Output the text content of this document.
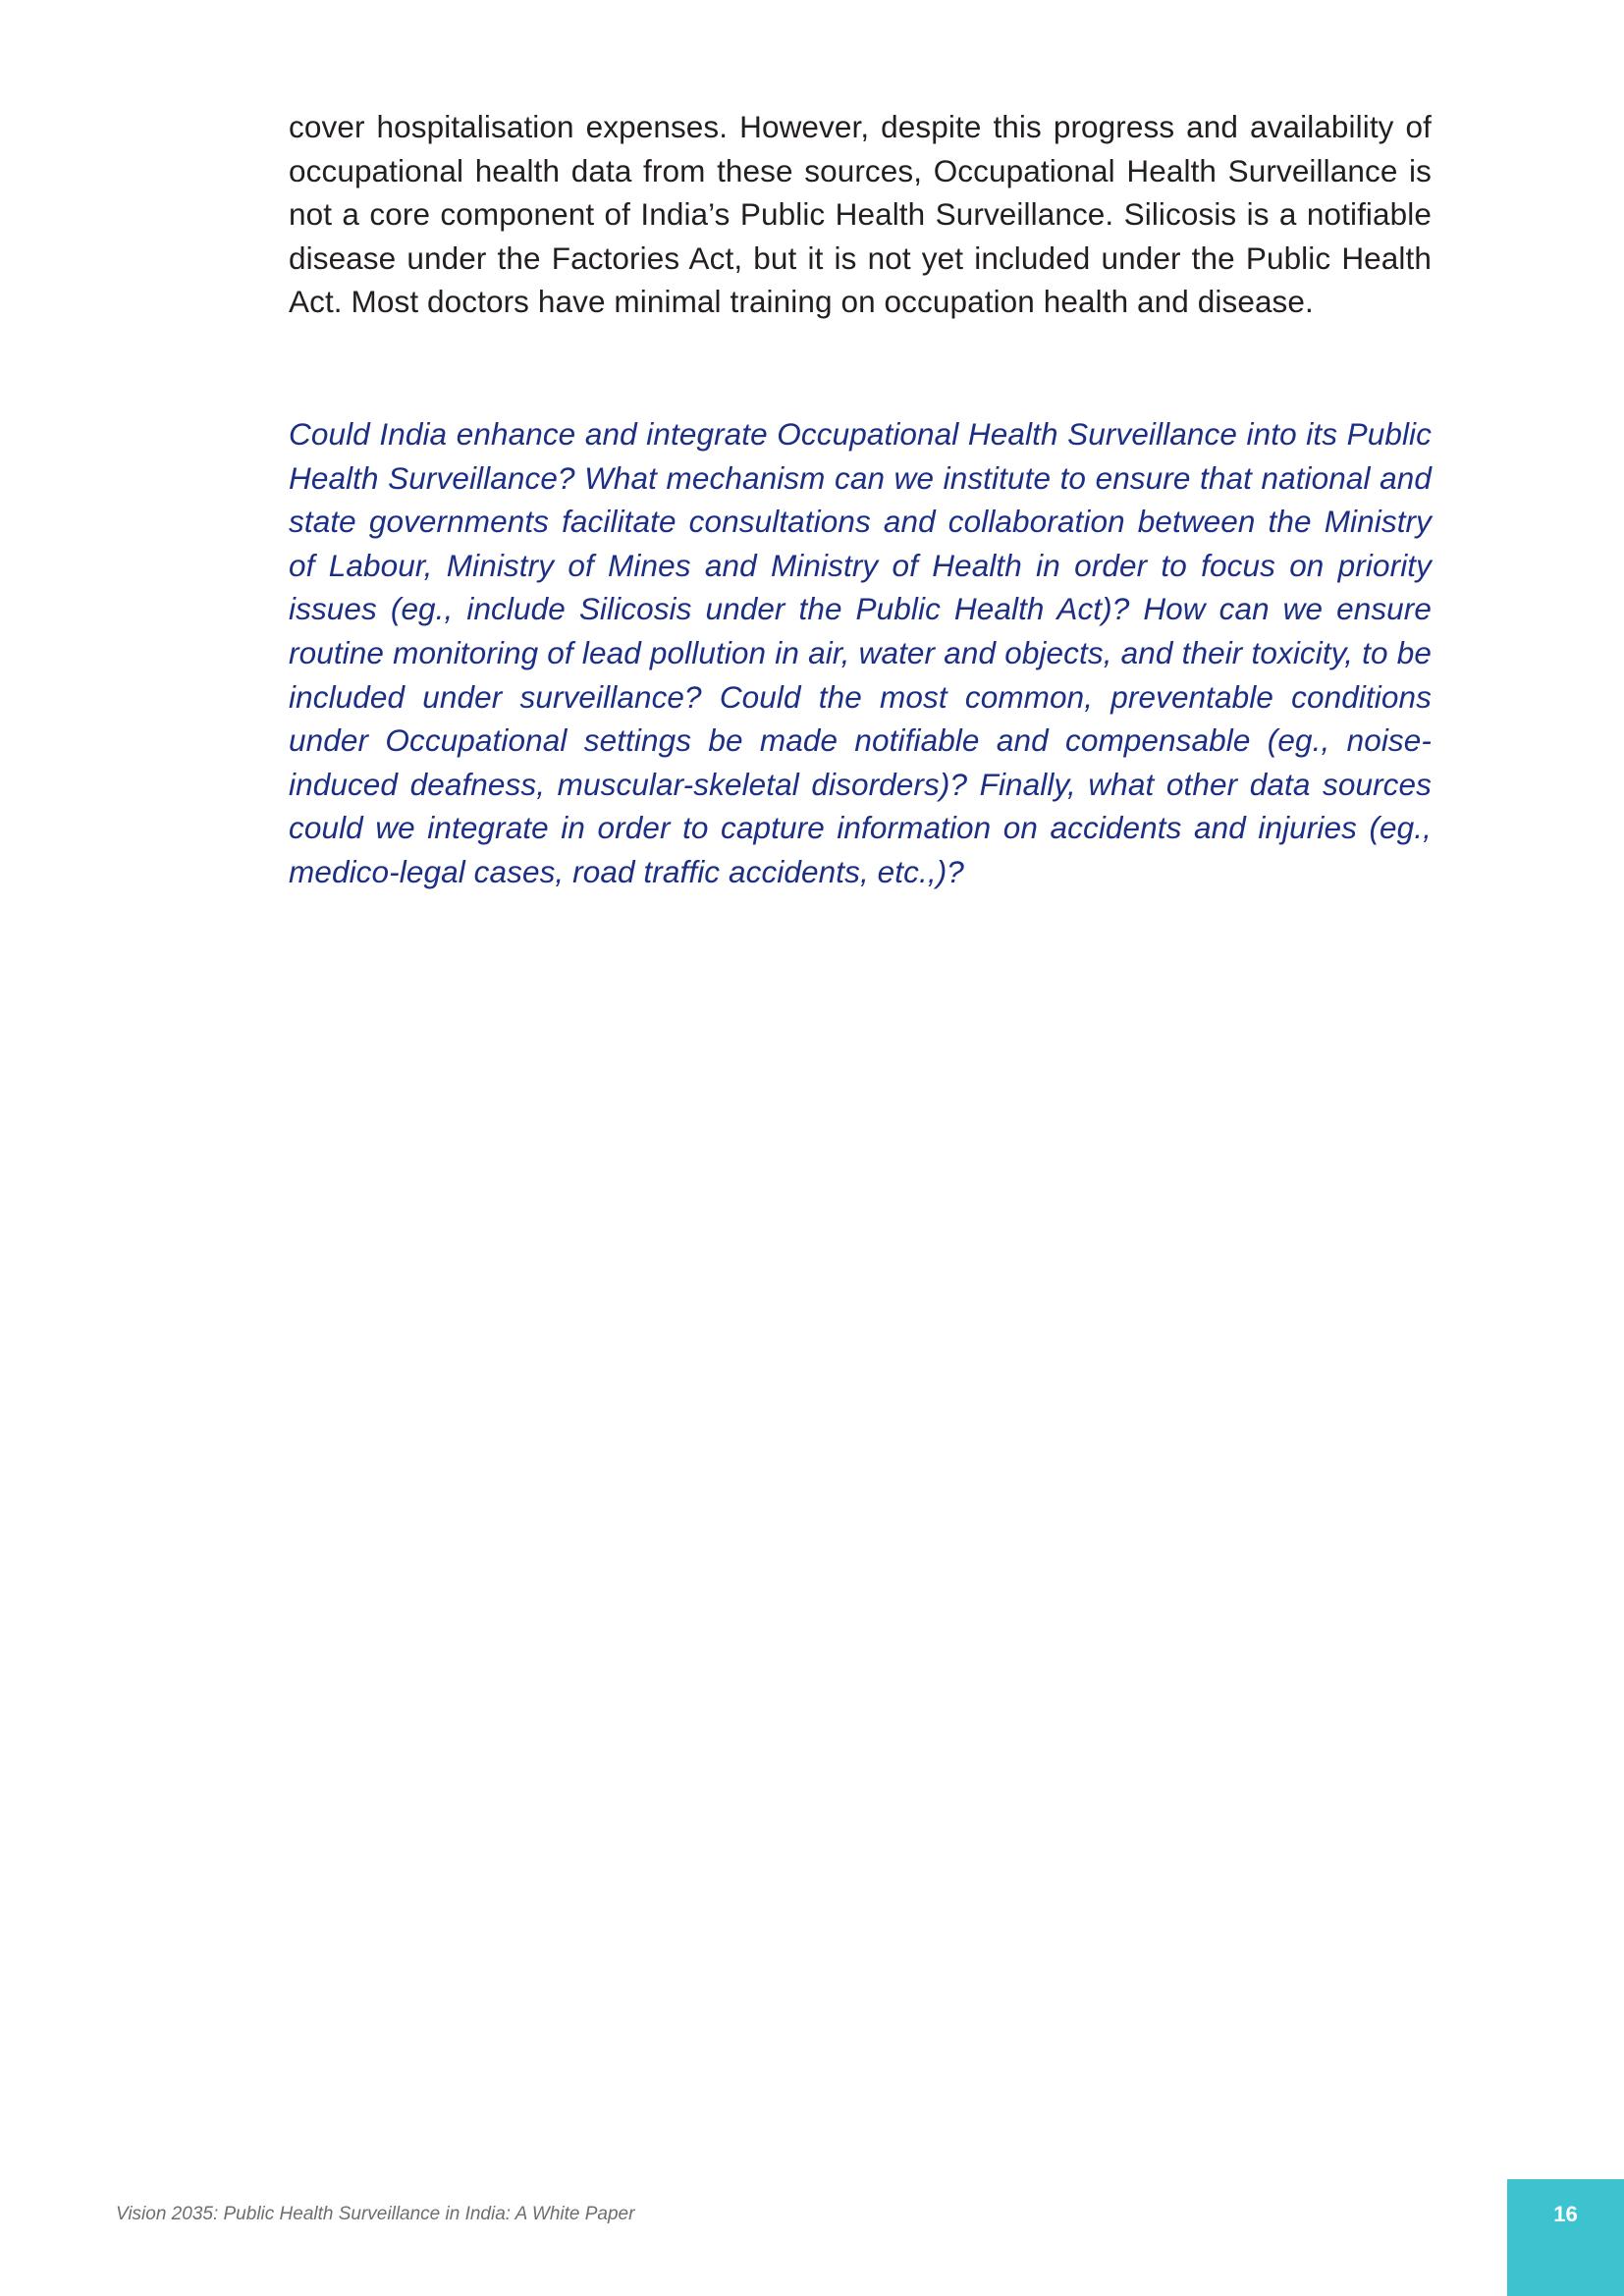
cover hospitalisation expenses. However, despite this progress and availability of occupational health data from these sources, Occupational Health Surveillance is not a core component of India’s Public Health Surveillance. Silicosis is a notifiable disease under the Factories Act, but it is not yet included under the Public Health Act. Most doctors have minimal training on occupation health and disease.

Could India enhance and integrate Occupational Health Surveillance into its Public Health Surveillance? What mechanism can we institute to ensure that national and state governments facilitate consultations and collaboration between the Ministry of Labour, Ministry of Mines and Ministry of Health in order to focus on priority issues (eg., include Silicosis under the Public Health Act)? How can we ensure routine monitoring of lead pollution in air, water and objects, and their toxicity, to be included under surveillance? Could the most common, preventable conditions under Occupational settings be made notifiable and compensable (eg., noise-induced deafness, muscular-skeletal disorders)? Finally, what other data sources could we integrate in order to capture information on accidents and injuries (eg., medico-legal cases, road traffic accidents, etc.,)?

Vision 2035: Public Health Surveillance in India: A White Paper	16
